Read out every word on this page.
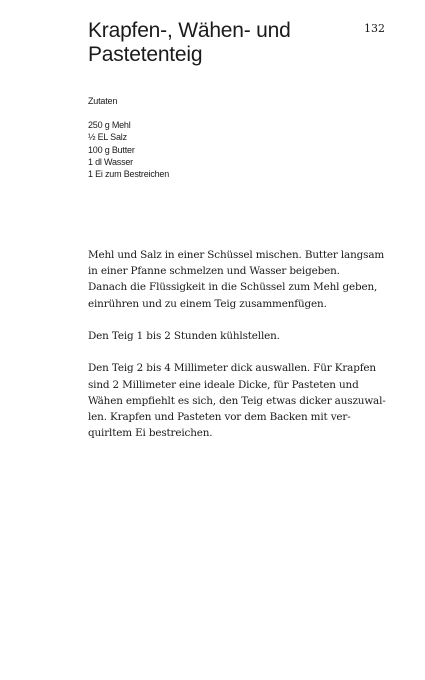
Krapfen-, Wähen- und
Pastetenteig
132
Zutaten
250 g Mehl
½ EL Salz
100 g Butter
1 dl Wasser
1 Ei zum Bestreichen

Mehl und Salz in einer Schüssel mischen. Butter langsam
in einer Pfanne schmelzen und Wasser beigeben.
Danach die Flüssigkeit in die Schüssel zum Mehl geben,
einrühren und zu einem Teig zusammenfügen.

Den Teig 1 bis 2 Stunden kühlstellen.

Den Teig 2 bis 4 Millimeter dick auswallen. Für Krapfen
sind 2 Millimeter eine ideale Dicke, für Pasteten und
Wähen empfiehlt es sich, den Teig etwas dicker auszuwal-
len. Krapfen und Pasteten vor dem Backen mit ver-
quirltem Ei bestreichen.
